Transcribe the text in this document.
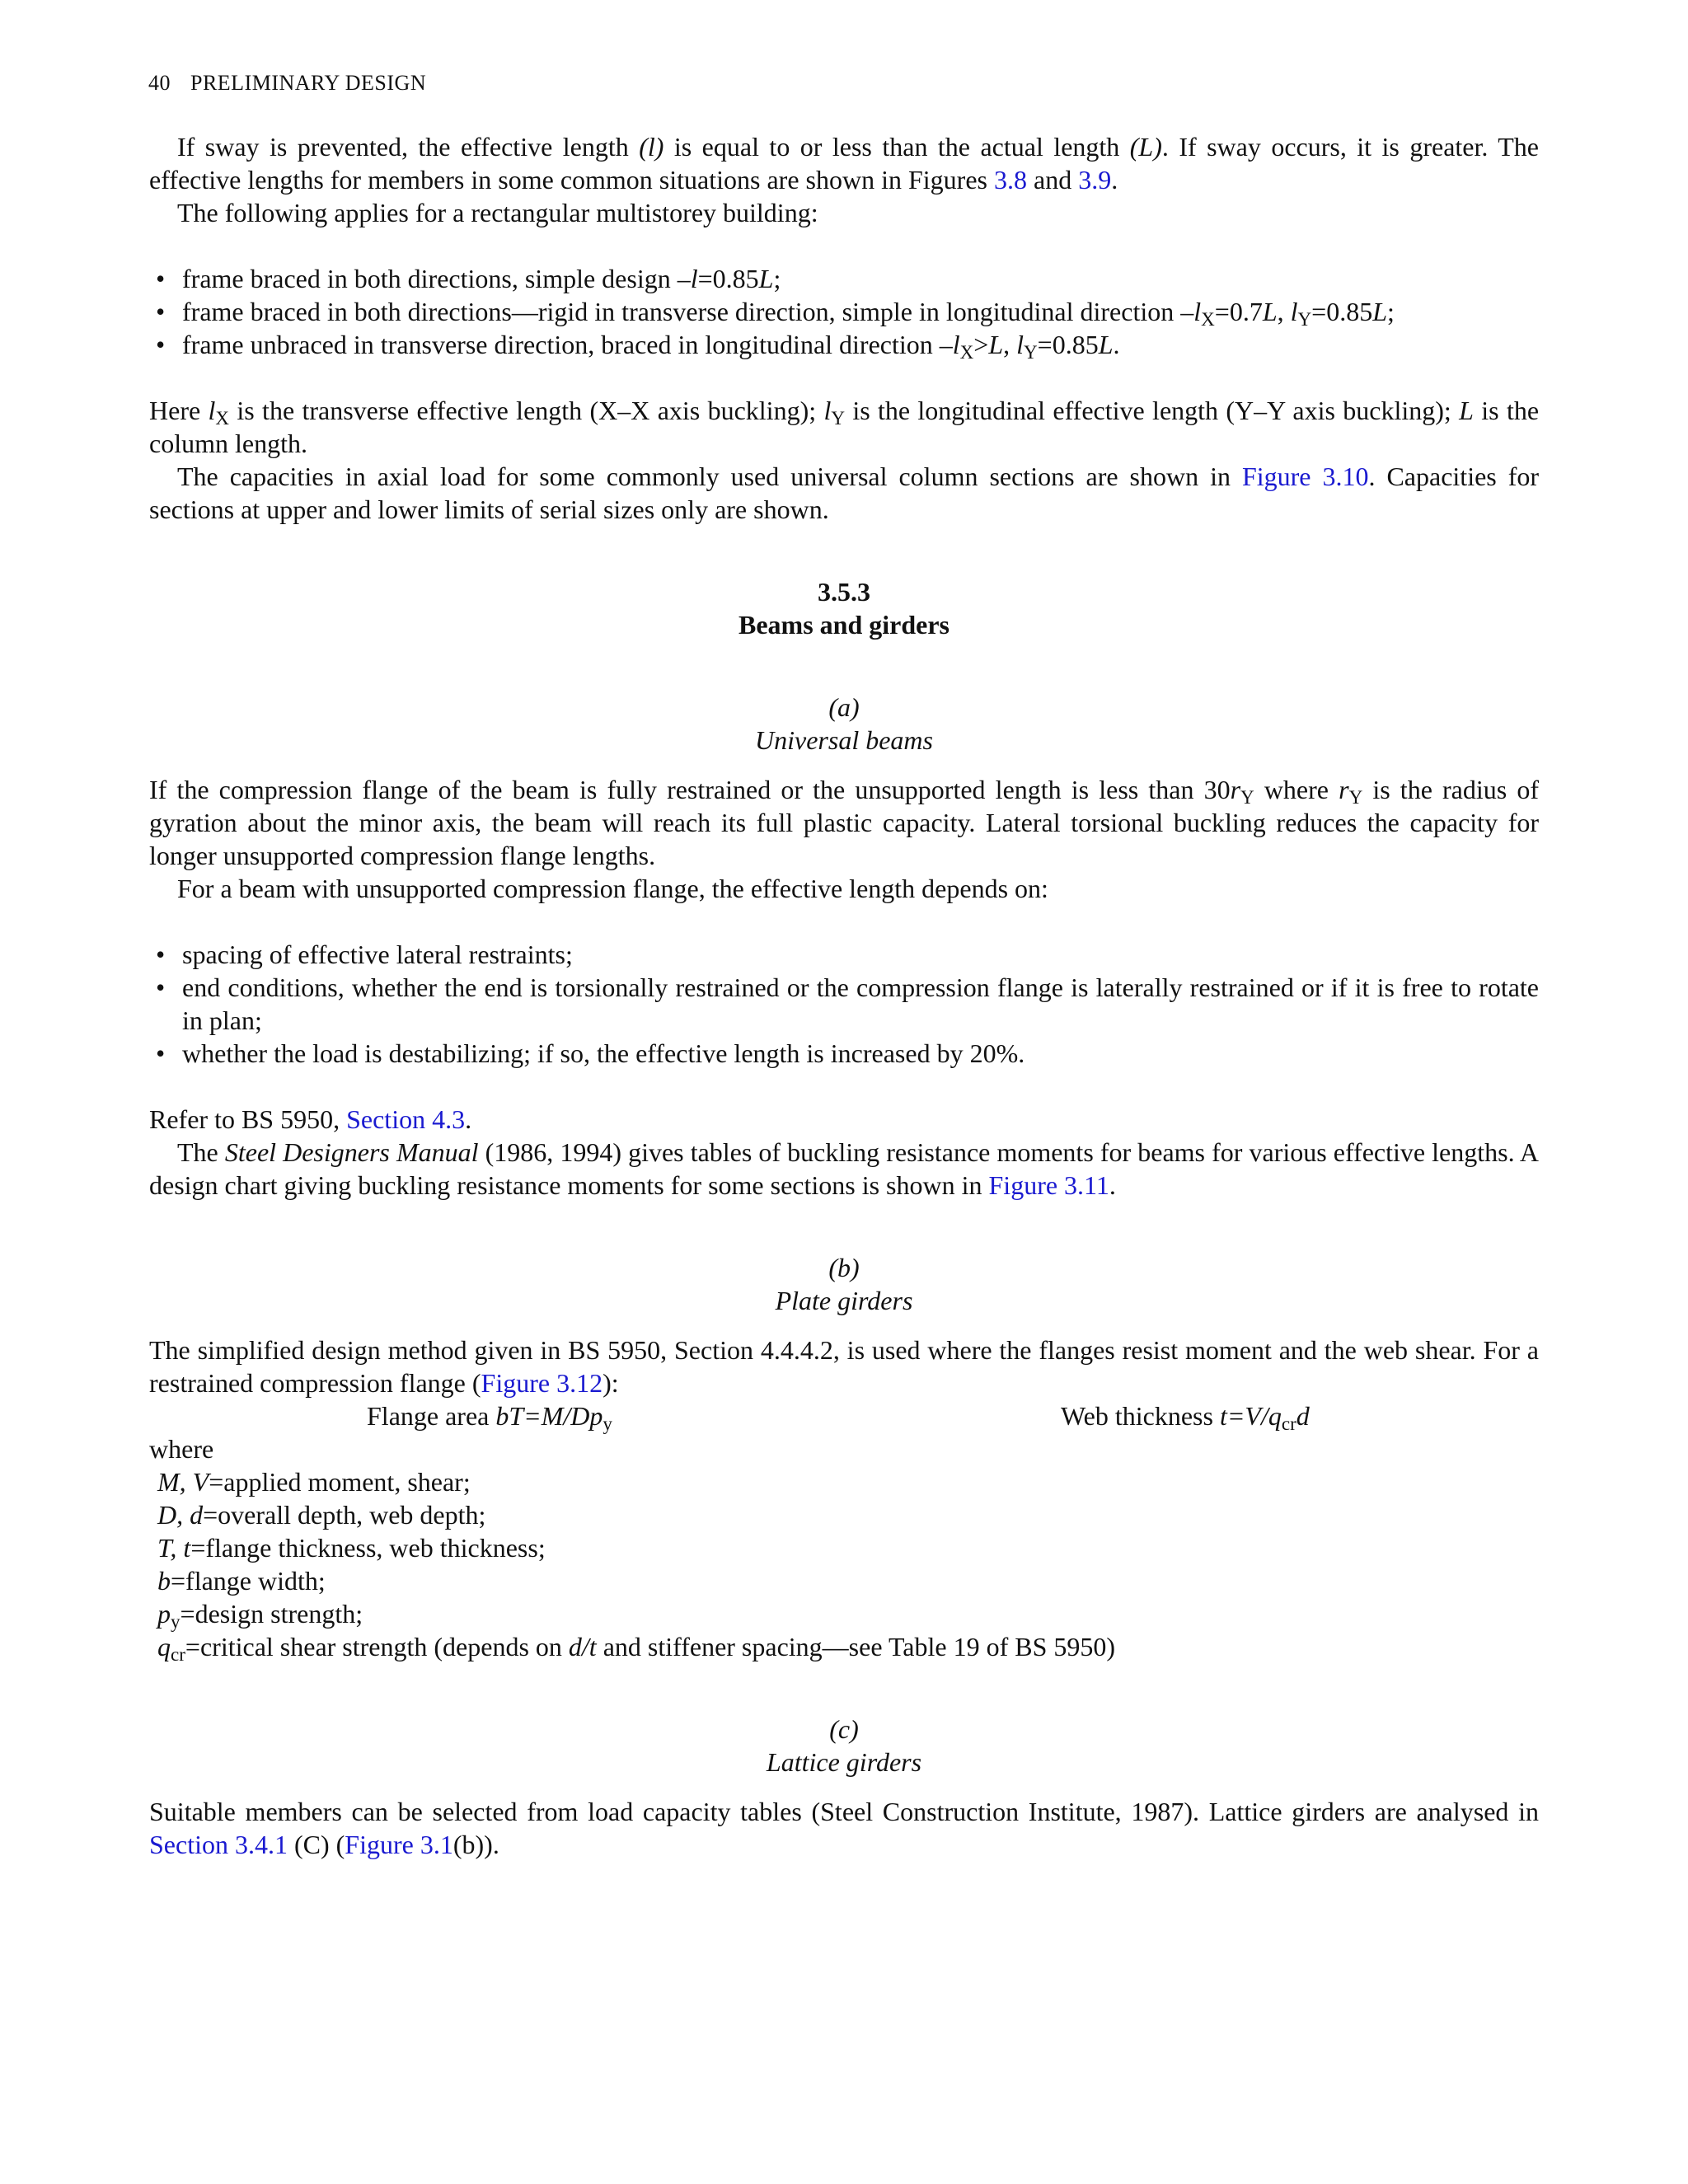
40 PRELIMINARY DESIGN

If sway is prevented, the effective length (l) is equal to or less than the actual length (L). If sway occurs, it is greater. The effective lengths for members in some common situations are shown in Figures 3.8 and 3.9.

The following applies for a rectangular multistorey building:

• frame braced in both directions, simple design –l=0.85L;
• frame braced in both directions—rigid in transverse direction, simple in longitudinal direction $-l_X=0.7L$, $l_Y=0.85L$;
• frame unbraced in transverse direction, braced in longitudinal direction $-l_X>L$, $l_Y=0.85L$.

Here $l_X$ is the transverse effective length (X–X axis buckling); $l_Y$ is the longitudinal effective length (Y–Y axis buckling); L is the column length.

The capacities in axial load for some commonly used universal column sections are shown in Figure 3.10. Capacities for sections at upper and lower limits of serial sizes only are shown.

3.5.3
Beams and girders
(a)
Universal beams

If the compression flange of the beam is fully restrained or the unsupported length is less than $30r_Y$ where $r_Y$ is the radius of gyration about the minor axis, the beam will reach its full plastic capacity. Lateral torsional buckling reduces the capacity for longer unsupported compression flange lengths.

For a beam with unsupported compression flange, the effective length depends on:

• spacing of effective lateral restraints;
• end conditions, whether the end is torsionally restrained or the compression flange is laterally restrained or if it is free to rotate in plan;
• whether the load is destabilizing; if so, the effective length is increased by 20%.

Refer to BS 5950, Section 4.3.

The Steel Designers Manual (1986, 1994) gives tables of buckling resistance moments for beams for various effective lengths. A design chart giving buckling resistance moments for some sections is shown in Figure 3.11.

(b)
Plate girders

The simplified design method given in BS 5950, Section 4.4.4.2, is used where the flanges resist moment and the web shear. For a restrained compression flange (Figure 3.12):

Flange area $bT=M/Dp_y$	Web thickness $t=V/q_{cr}d$
where
M, V=applied moment, shear;
D, d=overall depth, web depth;
T, t=flange thickness, web thickness;
b=flange width;
$p_y=design$ strength;
$q_{cr}=critical$ shear strength (depends on d/t and stiffener spacing—see Table 19 of BS 5950)
(c)
Lattice girders

Suitable members can be selected from load capacity tables (Steel Construction Institute, 1987). Lattice girders are analysed in Section 3.4.1 (C) (Figure 3.1(b)).
